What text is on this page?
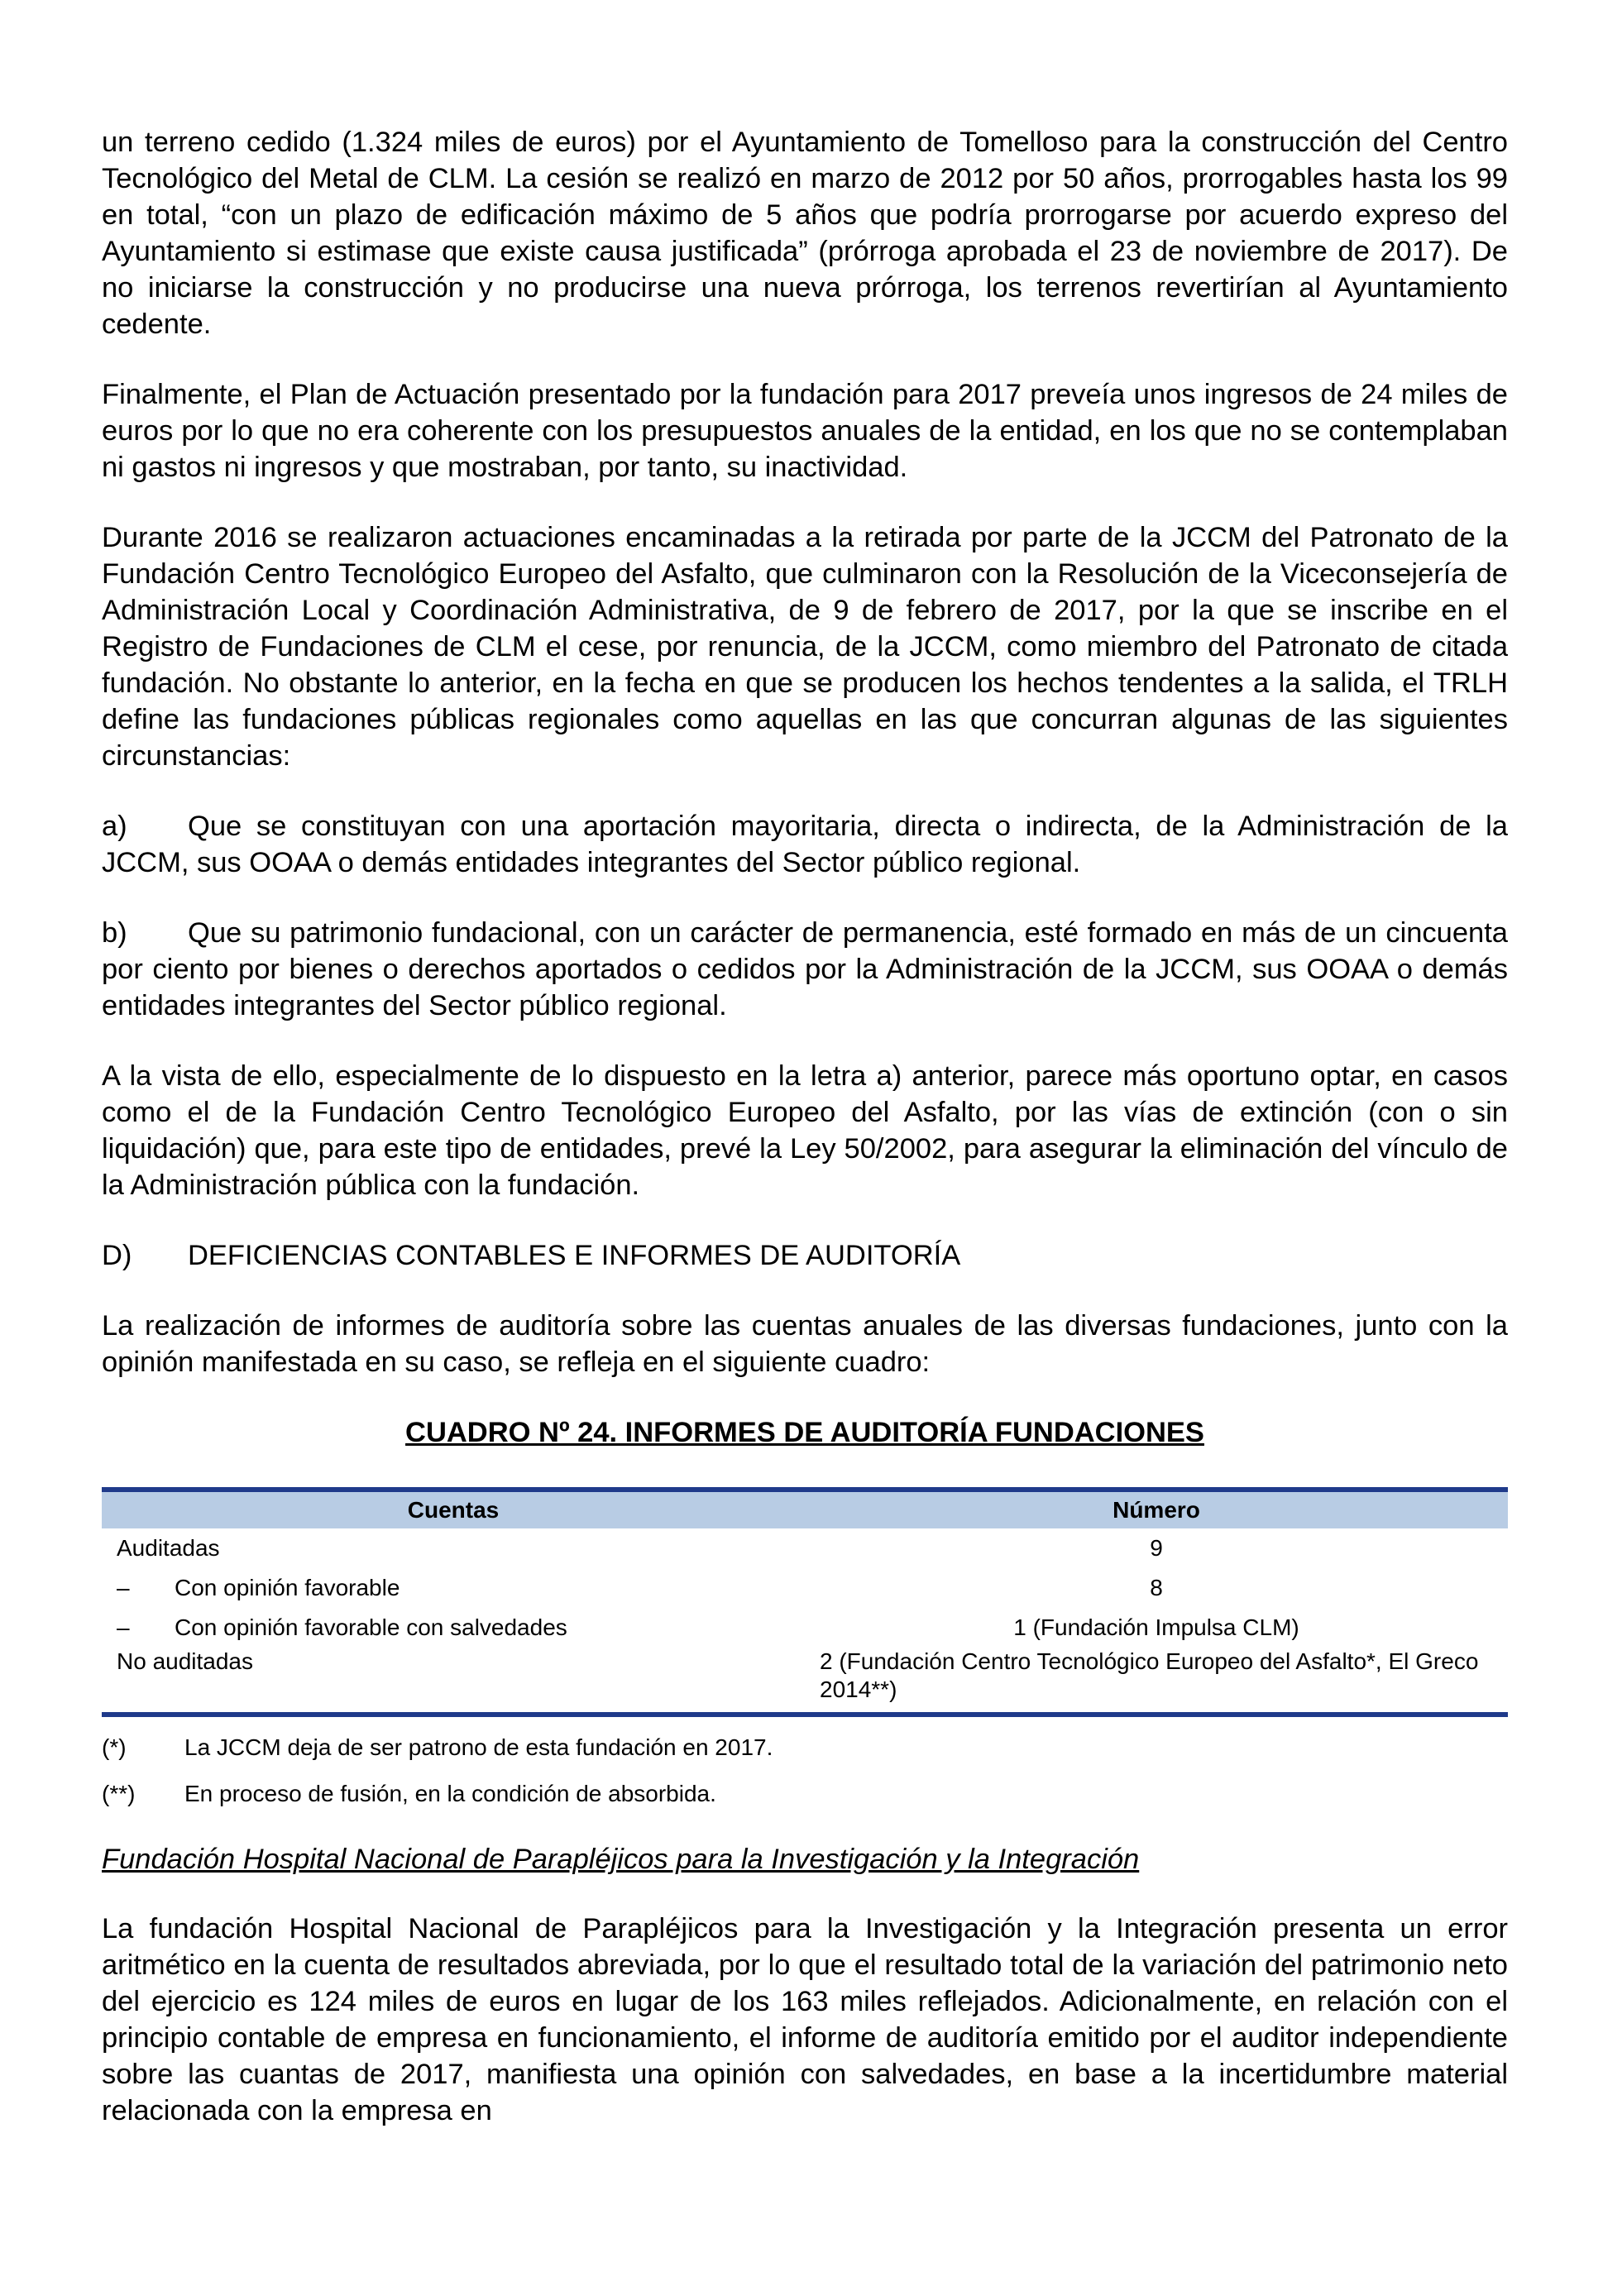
un terreno cedido (1.324 miles de euros) por el Ayuntamiento de Tomelloso para la construcción del Centro Tecnológico del Metal de CLM. La cesión se realizó en marzo de 2012 por 50 años, prorrogables hasta los 99 en total, “con un plazo de edificación máximo de 5 años que podría prorrogarse por acuerdo expreso del Ayuntamiento si estimase que existe causa justificada” (prórroga aprobada el 23 de noviembre de 2017). De no iniciarse la construcción y no producirse una nueva prórroga, los terrenos revertirían al Ayuntamiento cedente.

Finalmente, el Plan de Actuación presentado por la fundación para 2017 preveía unos ingresos de 24 miles de euros por lo que no era coherente con los presupuestos anuales de la entidad, en los que no se contemplaban ni gastos ni ingresos y que mostraban, por tanto, su inactividad.

Durante 2016 se realizaron actuaciones encaminadas a la retirada por parte de la JCCM del Patronato de la Fundación Centro Tecnológico Europeo del Asfalto, que culminaron con la Resolución de la Viceconsejería de Administración Local y Coordinación Administrativa, de 9 de febrero de 2017, por la que se inscribe en el Registro de Fundaciones de CLM el cese, por renuncia, de la JCCM, como miembro del Patronato de citada fundación. No obstante lo anterior, en la fecha en que se producen los hechos tendentes a la salida, el TRLH define las fundaciones públicas regionales como aquellas en las que concurran algunas de las siguientes circunstancias:

a) Que se constituyan con una aportación mayoritaria, directa o indirecta, de la Administración de la JCCM, sus OOAA o demás entidades integrantes del Sector público regional.
b) Que su patrimonio fundacional, con un carácter de permanencia, esté formado en más de un cincuenta por ciento por bienes o derechos aportados o cedidos por la Administración de la JCCM, sus OOAA o demás entidades integrantes del Sector público regional.

A la vista de ello, especialmente de lo dispuesto en la letra a) anterior, parece más oportuno optar, en casos como el de la Fundación Centro Tecnológico Europeo del Asfalto, por las vías de extinción (con o sin liquidación) que, para este tipo de entidades, prevé la Ley 50/2002, para asegurar la eliminación del vínculo de la Administración pública con la fundación.

D) DEFICIENCIAS CONTABLES E INFORMES DE AUDITORÍA

La realización de informes de auditoría sobre las cuentas anuales de las diversas fundaciones, junto con la opinión manifestada en su caso, se refleja en el siguiente cuadro:

CUADRO Nº 24. INFORMES DE AUDITORÍA FUNDACIONES
Cuentas	Número
Auditadas	9
– Con opinión favorable	8
– Con opinión favorable con salvedades	1 (Fundación Impulsa CLM)
No auditadas	2 (Fundación Centro Tecnológico Europeo del Asfalto*, El Greco 2014**)
(*)	La JCCM deja de ser patrono de esta fundación en 2017.
(**) En proceso de fusión, en la condición de absorbida.
Fundación Hospital Nacional de Parapléjicos para la Investigación y la Integración

La fundación Hospital Nacional de Parapléjicos para la Investigación y la Integración presenta un error aritmético en la cuenta de resultados abreviada, por lo que el resultado total de la variación del patrimonio neto del ejercicio es 124 miles de euros en lugar de los 163 miles reflejados. Adicionalmente, en relación con el principio contable de empresa en funcionamiento, el informe de auditoría emitido por el auditor independiente sobre las cuantas de 2017, manifiesta una opinión con salvedades, en base a la incertidumbre material relacionada con la empresa en
